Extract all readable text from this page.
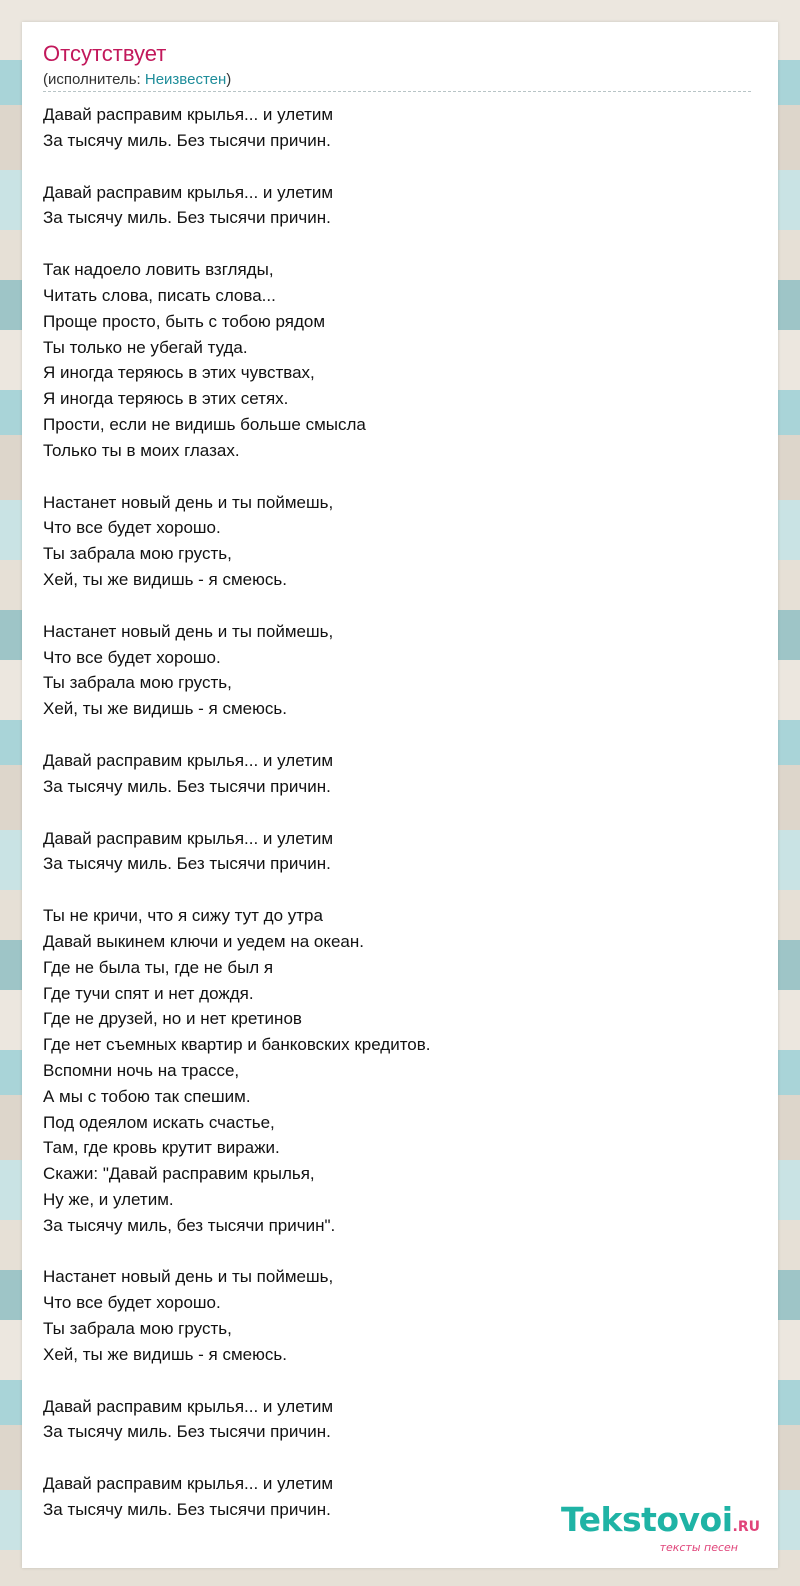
Отсутствует
(исполнитель: Неизвестен)
Давай расправим крылья... и улетим
За тысячу миль. Без тысячи причин.
Давай расправим крылья... и улетим
За тысячу миль. Без тысячи причин.
Так надоело ловить взгляды,
Читать слова, писать слова...
Проще просто, быть с тобою рядом
Ты только не убегай туда.
Я иногда теряюсь в этих чувствах,
Я иногда теряюсь в этих сетях.
Прости, если не видишь больше смысла
Только ты в моих глазах.
Настанет новый день и ты поймешь,
Что все будет хорошо.
Ты забрала мою грусть,
Хей, ты же видишь - я смеюсь.
Настанет новый день и ты поймешь,
Что все будет хорошо.
Ты забрала мою грусть,
Хей, ты же видишь - я смеюсь.
Давай расправим крылья... и улетим
За тысячу миль. Без тысячи причин.
Давай расправим крылья... и улетим
За тысячу миль. Без тысячи причин.
Ты не кричи, что я сижу тут до утра
Давай выкинем ключи и уедем на океан.
Где не была ты, где не был я
Где тучи спят и нет дождя.
Где не друзей, но и нет кретинов
Где нет съемных квартир и банковских кредитов.
Вспомни ночь на трассе,
А мы с тобою так спешим.
Под одеялом искать счастье,
Там, где кровь крутит виражи.
Скажи: "Давай расправим крылья,
Ну же, и улетим.
За тысячу миль, без тысячи причин".
Настанет новый день и ты поймешь,
Что все будет хорошо.
Ты забрала мою грусть,
Хей, ты же видишь - я смеюсь.
Давай расправим крылья... и улетим
За тысячу миль. Без тысячи причин.
Давай расправим крылья... и улетим
За тысячу миль. Без тысячи причин.	Tekstovoi.RU
тексты песен
